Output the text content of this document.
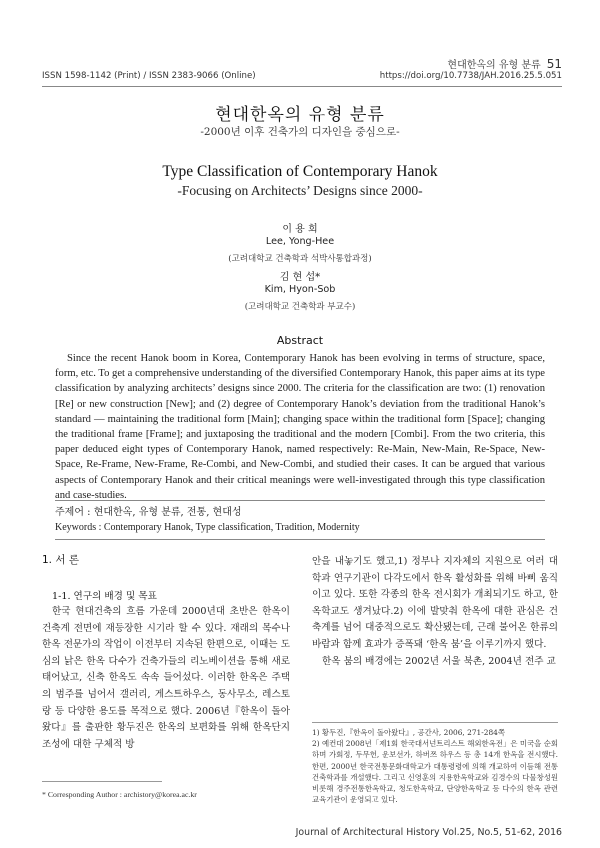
현대한옥의 유형 분류 51
ISSN 1598-1142 (Print) / ISSN 2383-9066 (Online)	https://doi.org/10.7738/JAH.2016.25.5.051
현대한옥의 유형 분류
-2000년 이후 건축가의 디자인을 중심으로-
Type Classification of Contemporary Hanok
-Focusing on Architects’ Designs since 2000-
이 용 희
Lee, Yong-Hee
(고려대학교 건축학과 석박사통합과정)
김 현 섭*
Kim, Hyon-Sob
(고려대학교 건축학과 부교수)
Abstract

Since the recent Hanok boom in Korea, Contemporary Hanok has been evolving in terms of structure, space, form, etc. To get a comprehensive understanding of the diversified Contemporary Hanok, this paper aims at its type classification by analyzing architects’ designs since 2000. The criteria for the classification are two: (1) renovation [Re] or new construction [New]; and (2) degree of Contemporary Hanok’s deviation from the traditional Hanok’s standard — maintaining the traditional form [Main]; changing space within the traditional form [Space]; changing the traditional frame [Frame]; and juxtaposing the traditional and the modern [Combi]. From the two criteria, this paper deduced eight types of Contemporary Hanok, named respectively: Re-Main, New-Main, Re-Space, New-Space, Re-Frame, New-Frame, Re-Combi, and New-Combi, and studied their cases. It can be argued that various aspects of Contemporary Hanok and their critical meanings were well-investigated through this type classification and case-studies.

주제어 : 현대한옥, 유형 분류, 전통, 현대성
Keywords : Contemporary Hanok, Type classification, Tradition, Modernity
1. 서 론
1-1. 연구의 배경 및 목표

한국 현대건축의 흐름 가운데 2000년대 초반은 한옥이 건축계 전면에 재등장한 시기라 할 수 있다. 재래의 목수나 한옥 전문가의 작업이 이전부터 지속된 한편으로, 이때는 도심의 낡은 한옥 다수가 건축가들의 리노베이션을 통해 새로 태어났고, 신축 한옥도 속속 들어섰다. 이러한 한옥은 주택의 범주를 넘어서 갤러리, 게스트하우스, 동사무소, 레스토랑 등 다양한 용도를 목적으로 했다. 2006년『한옥이 돌아왔다』를 출판한 황두진은 한옥의 보편화를 위해 한옥단지 조성에 대한 구체적 방

* Corresponding Author : archistory@korea.ac.kr

안을 내놓기도 했고,1) 정부나 지자체의 지원으로 여러 대학과 연구기관이 다각도에서 한옥 활성화를 위해 바삐 움직이고 있다. 또한 각종의 한옥 전시회가 개최되기도 하고, 한옥학교도 생겨났다.2) 이에 발맞춰 한옥에 대한 관심은 건축계를 넘어 대중적으로도 확산됐는데, 근래 불어온 한류의 바람과 함께 효과가 증폭돼 ‘한옥 붐’을 이루기까지 했다.

한옥 붐의 배경에는 2002년 서울 북촌, 2004년 전주 교

1) 황두진,『한옥이 돌아왔다』, 공간사, 2006, 271-284쪽

2) 예컨대 2008년「제1회 한국대서넌트리스트 해외한옥전」은 미국을 순회하며 가회정, 두무헌, 운보선가, 하버쯔 하우스 등 총 14개 한옥을 전시했다. 한편, 2000년 한국전통문화대학교가 대통령령에 의해 개교하여 이듬해 전통건축학과를 개설했다. 그리고 신영훈의 지용한옥학교와 김경수의 다물창성원 비롯해 경주전통한옥학교, 청도한옥학교, 단양한옥학교 등 다수의 한옥 관련 교육기관이 운영되고 있다.

Journal of Architectural History Vol.25, No.5, 51-62, 2016
